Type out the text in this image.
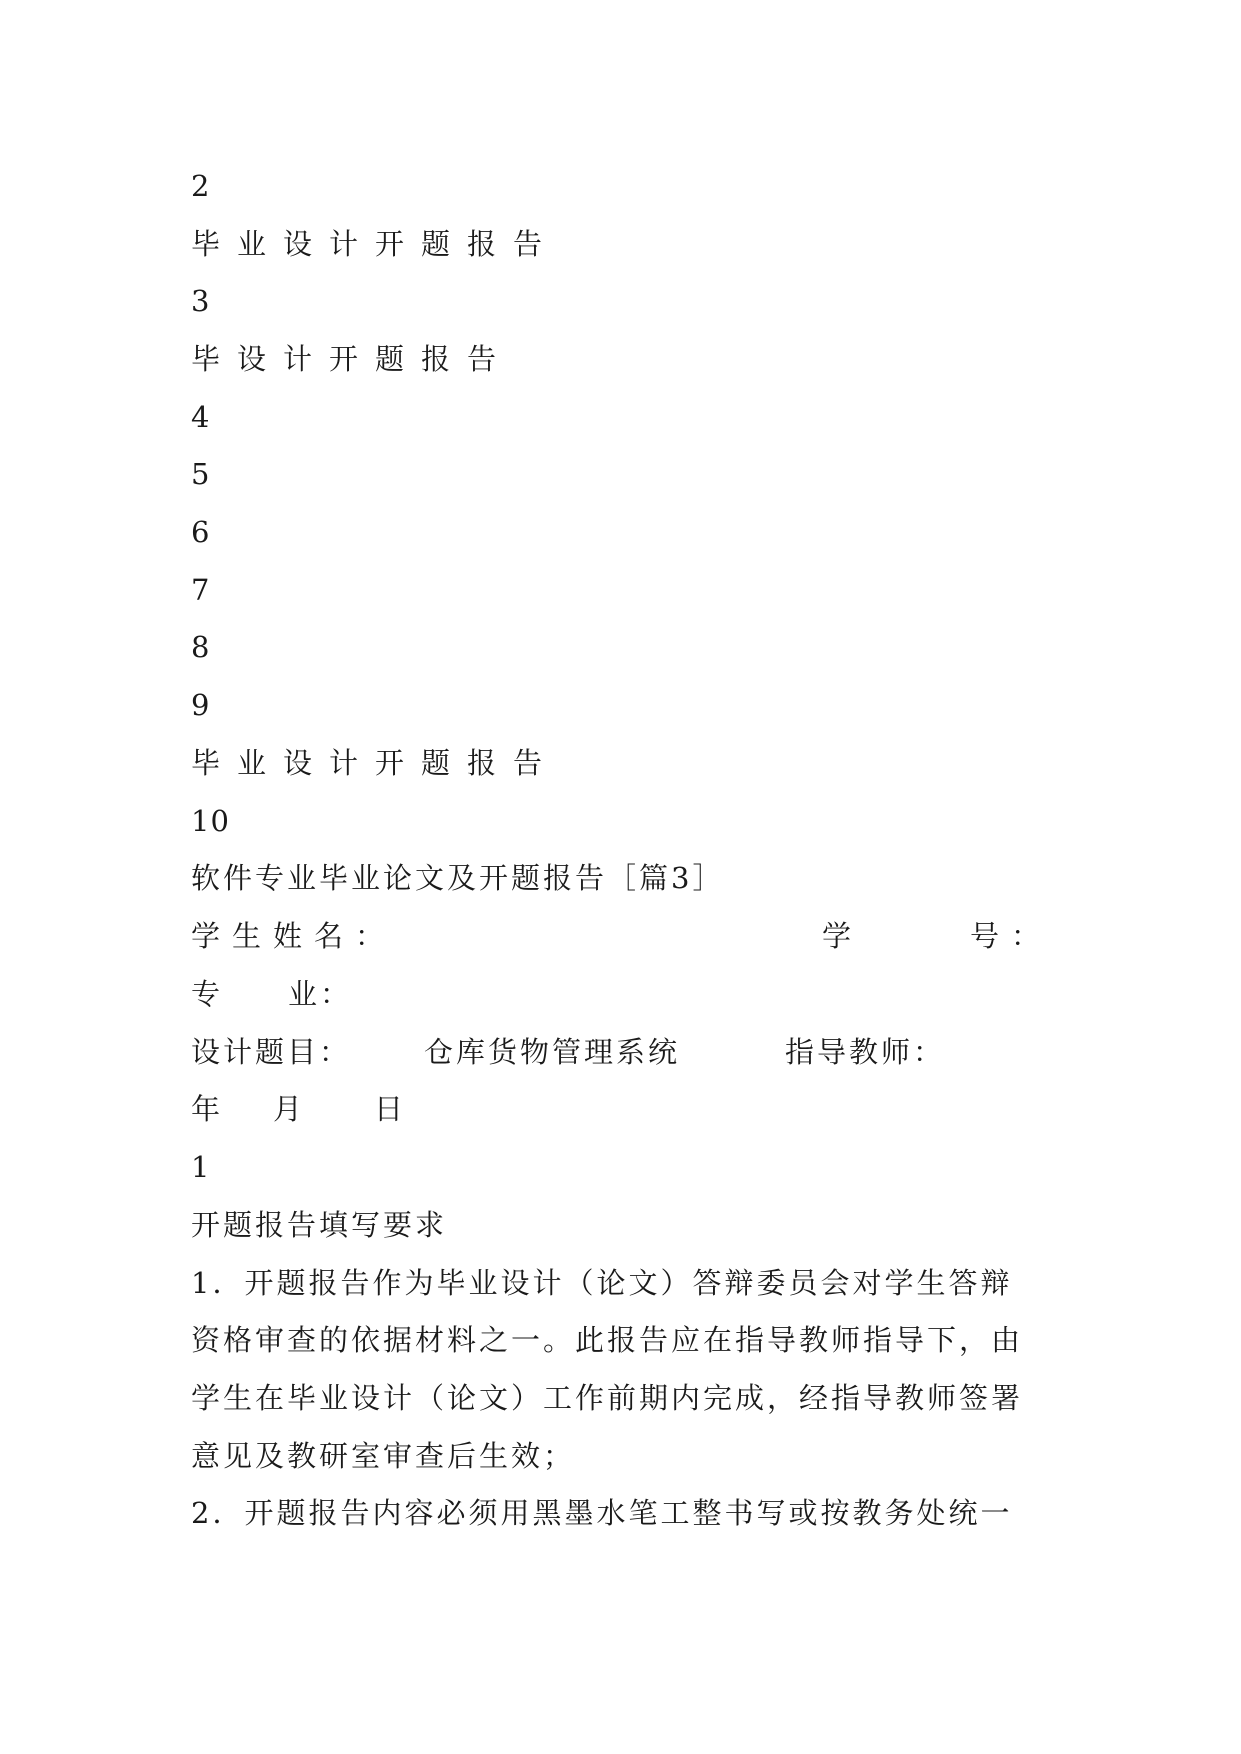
2
毕业设计开题报告
3
毕设计开题报告
4
5
6
7
8
9
毕业设计开题报告
10
软件专业毕业论文及开题报告［篇3］
学生姓名：	学	号：
专 业：
设计题目：	仓库货物管理系统	指导教师：
年 月 日
1
开题报告填写要求
1．开题报告作为毕业设计（论文）答辩委员会对学生答辩
资格审查的依据材料之一。此报告应在指导教师指导下，由
学生在毕业设计（论文）工作前期内完成，经指导教师签署
意见及教研室审查后生效；
2．开题报告内容必须用黑墨水笔工整书写或按教务处统一
